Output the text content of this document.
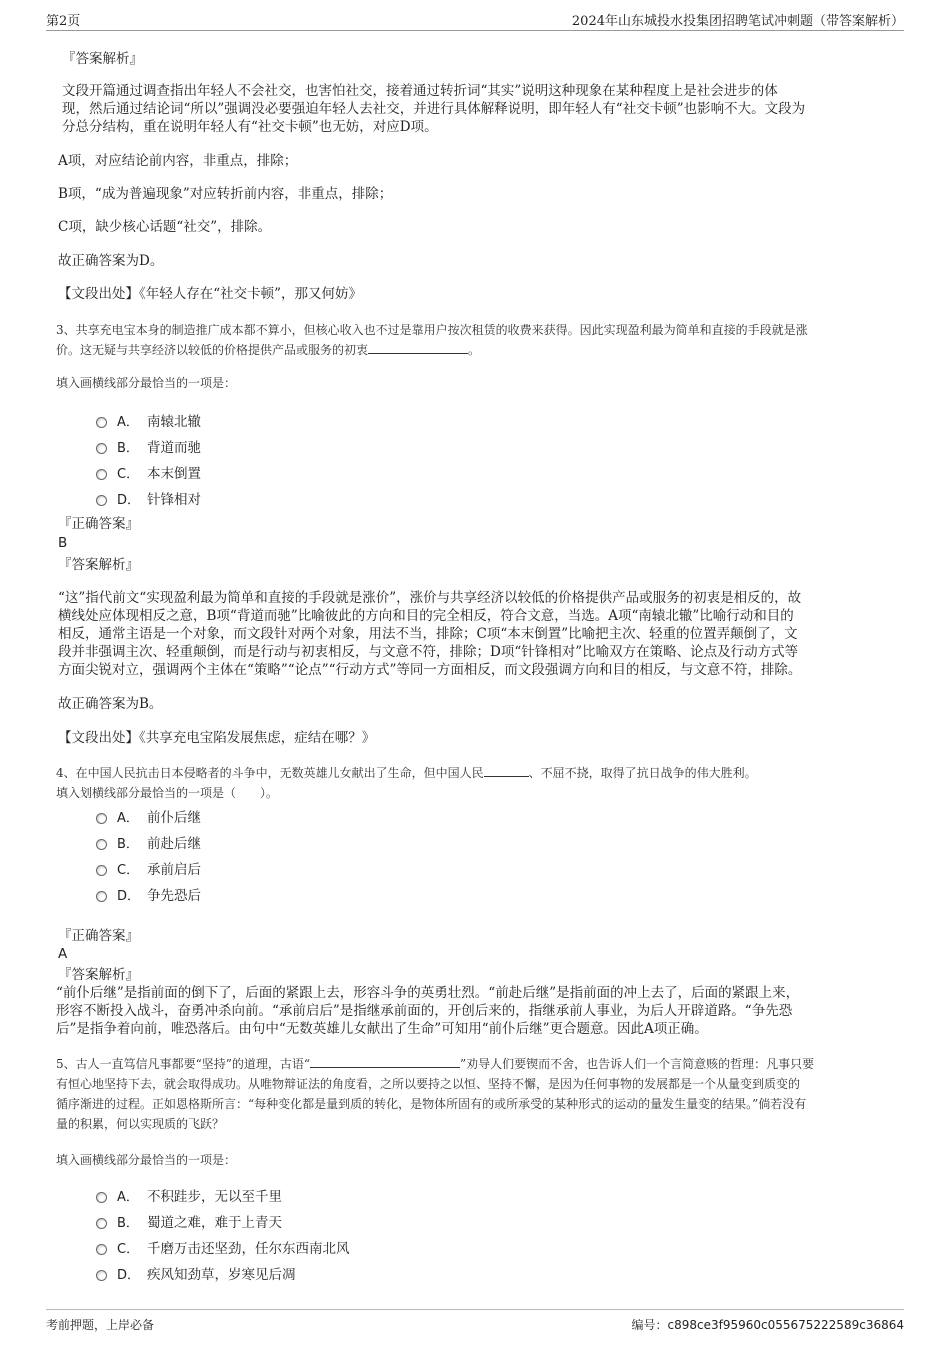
第2页	2024年山东城投水投集团招聘笔试冲刺题（带答案解析）
『答案解析』
文段开篇通过调查指出年轻人不会社交，也害怕社交，接着通过转折词“其实”说明这种现象在某种程度上是社会进步的体
现，然后通过结论词“所以”强调没必要强迫年轻人去社交，并进行具体解释说明，即年轻人有“社交卡顿”也影响不大。文段为
分总分结构，重在说明年轻人有“社交卡顿”也无妨，对应D项。
A项，对应结论前内容，非重点，排除；
B项，“成为普遍现象”对应转折前内容，非重点，排除；
C项，缺少核心话题“社交”，排除。
故正确答案为D。
【文段出处】《年轻人存在“社交卡顿”，那又何妨》
3、共享充电宝本身的制造推广成本都不算小，但核心收入也不过是靠用户按次租赁的收费来获得。因此实现盈利最为简单和直接的手段就是涨
价。这无疑与共享经济以较低的价格提供产品或服务的初衷	。
填入画横线部分最恰当的一项是：
A． 南辕北辙
B． 背道而驰
C． 本末倒置
D． 针锋相对
『正确答案』
B
『答案解析』
“这”指代前文“实现盈利最为简单和直接的手段就是涨价”，涨价与共享经济以较低的价格提供产品或服务的初衷是相反的，故
横线处应体现相反之意，B项“背道而驰”比喻彼此的方向和目的完全相反，符合文意，当选。A项“南辕北辙”比喻行动和目的
相反，通常主语是一个对象，而文段针对两个对象，用法不当，排除；C项“本末倒置”比喻把主次、轻重的位置弄颠倒了，文
段并非强调主次、轻重颠倒，而是行动与初衷相反，与文意不符，排除；D项“针锋相对”比喻双方在策略、论点及行动方式等
方面尖锐对立，强调两个主体在“策略”“论点”“行动方式”等同一方面相反，而文段强调方向和目的相反，与文意不符，排除。
故正确答案为B。
【文段出处】《共享充电宝陷发展焦虑，症结在哪？》
4、在中国人民抗击日本侵略者的斗争中，无数英雄儿女献出了生命，但中国人民	、不屈不挠，取得了抗日战争的伟大胜利。
填入划横线部分最恰当的一项是（　　）。
A． 前仆后继
B． 前赴后继
C． 承前启后
D． 争先恐后
『正确答案』
A
『答案解析』
“前仆后继”是指前面的倒下了，后面的紧跟上去，形容斗争的英勇壮烈。“前赴后继”是指前面的冲上去了，后面的紧跟上来，
形容不断投入战斗，奋勇冲杀向前。“承前启后”是指继承前面的，开创后来的，指继承前人事业，为后人开辟道路。“争先恐
后”是指争着向前，唯恐落后。由句中“无数英雄儿女献出了生命”可知用“前仆后继”更合题意。因此A项正确。
5、古人一直笃信凡事都要“坚持”的道理，古语“	”劝导人们要锲而不舍，也告诉人们一个言简意赅的哲理：凡事只要
有恒心地坚持下去，就会取得成功。从唯物辩证法的角度看，之所以要持之以恒、坚持不懈，是因为任何事物的发展都是一个从量变到质变的
循序渐进的过程。正如恩格斯所言：“每种变化都是量到质的转化，是物体所固有的或所承受的某种形式的运动的量发生量变的结果。”倘若没有
量的积累，何以实现质的飞跃？
填入画横线部分最恰当的一项是：
A． 不积跬步，无以至千里
B． 蜀道之难，难于上青天
C． 千磨万击还坚劲，任尔东西南北风
D． 疾风知劲草，岁寒见后凋
考前押题，上岸必备	编号：c898ce3f95960c055675222589c36864
